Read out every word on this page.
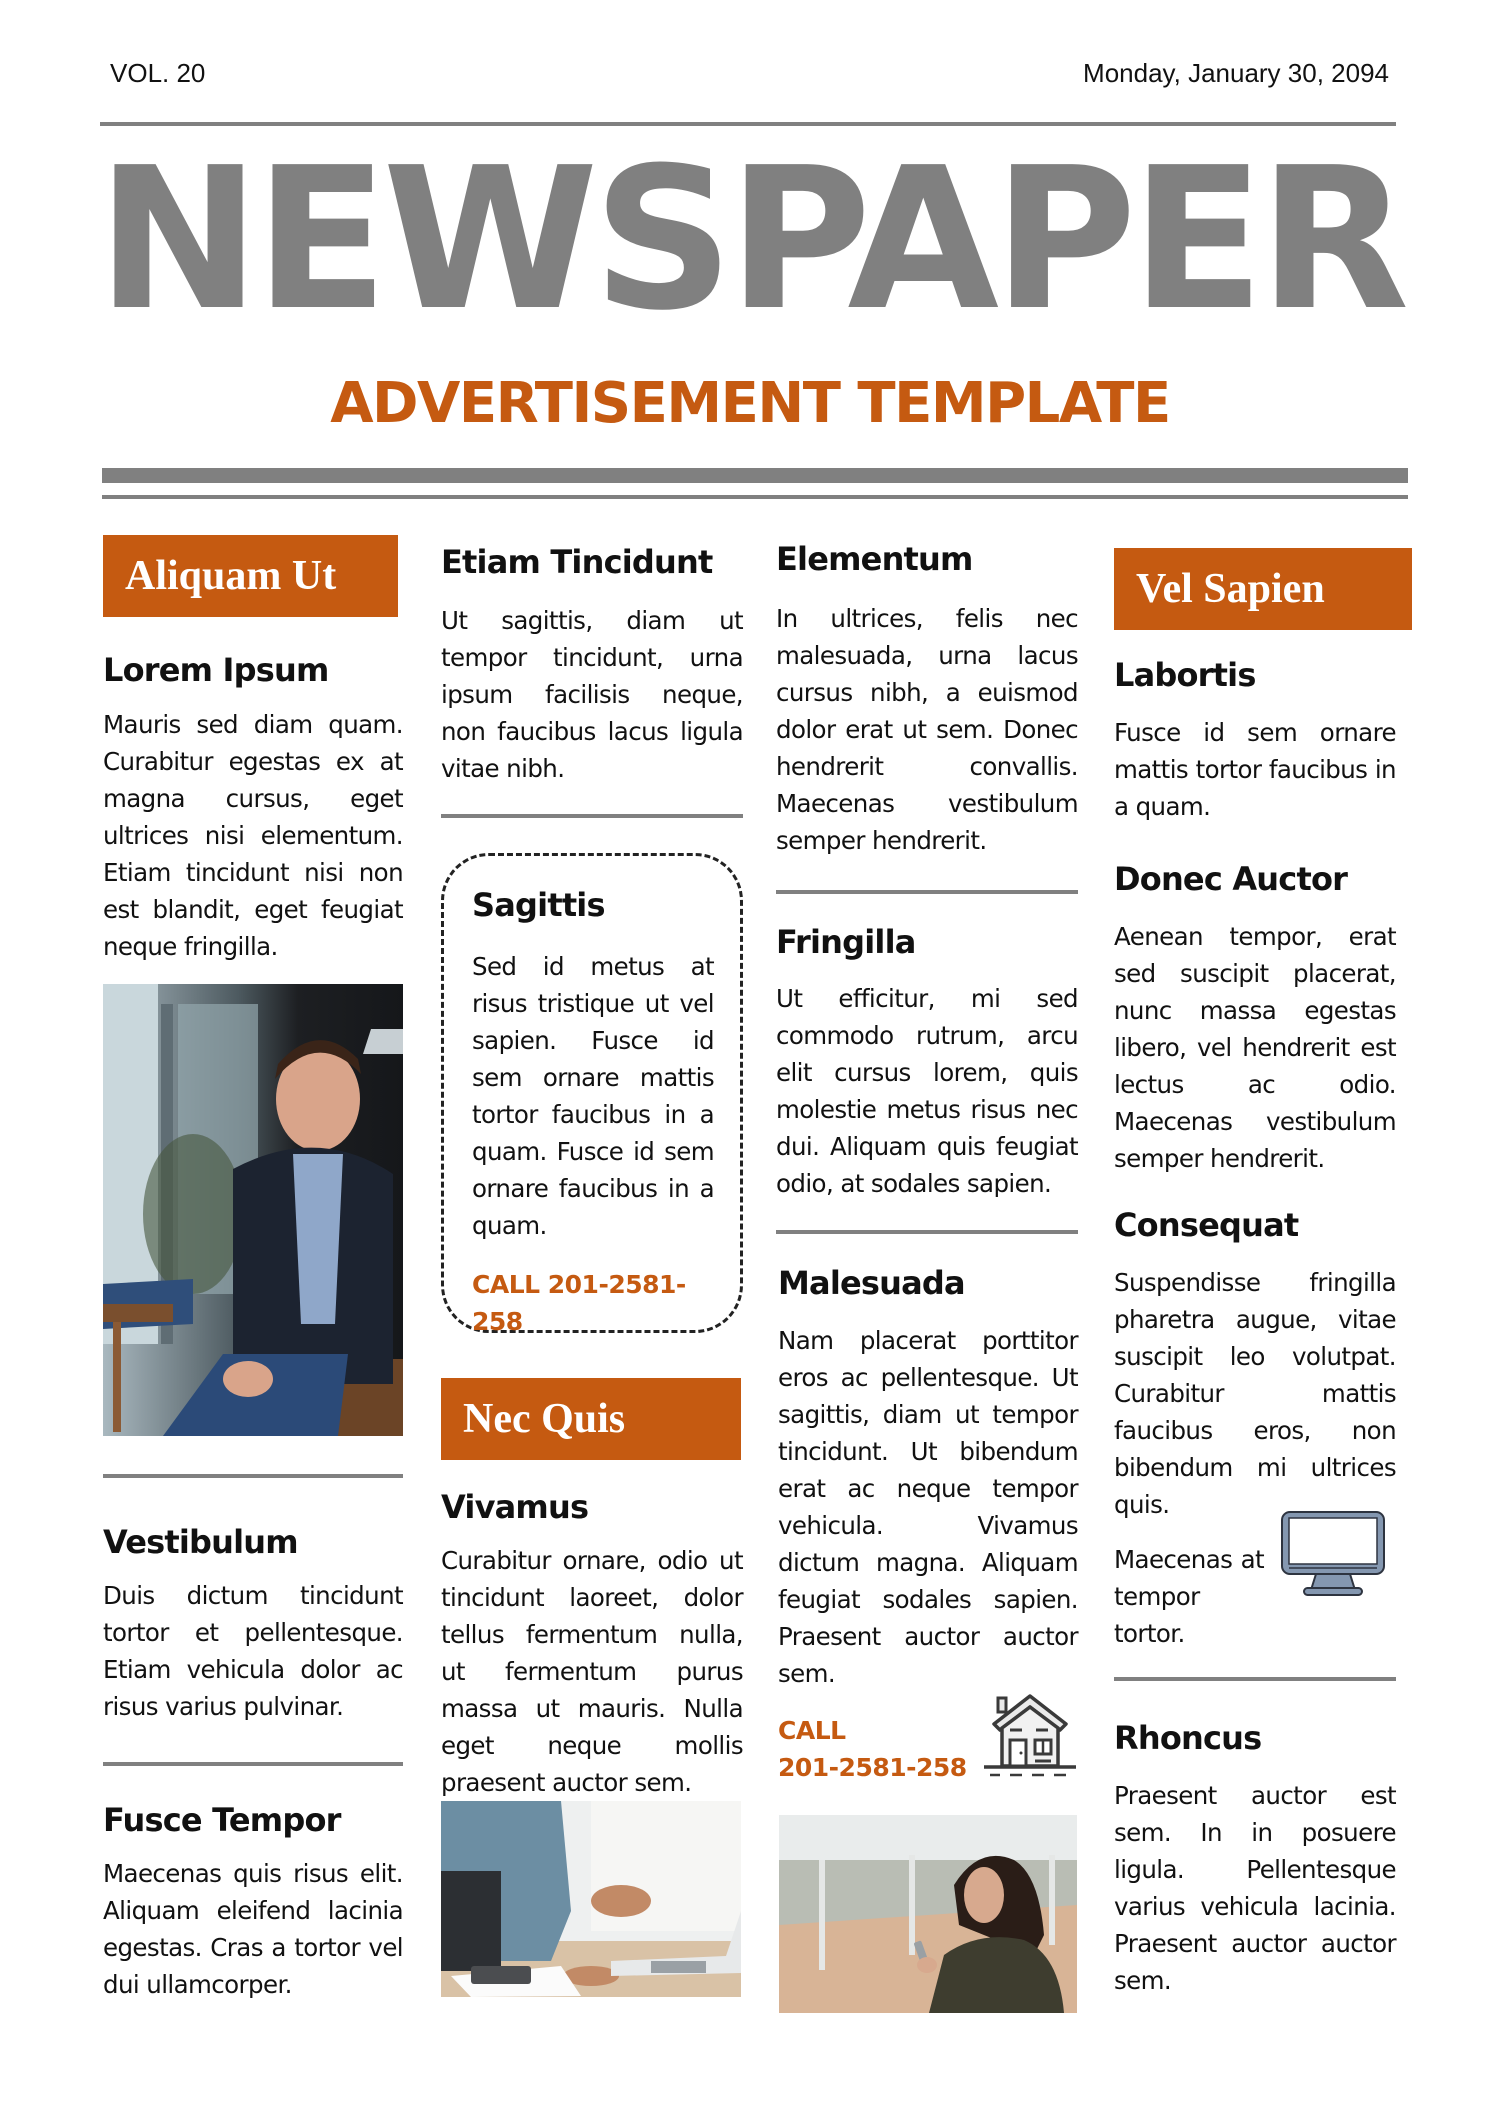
VOL. 20	Monday, January 30, 2094
NEWSPAPER
ADVERTISEMENT TEMPLATE
Aliquam Ut
Lorem Ipsum
Mauris sed diam quam. Curabitur egestas ex at magna cursus, eget ultrices nisi elementum. Etiam tincidunt nisi non est blandit, eget feugiat neque fringilla.
Vestibulum
Duis dictum tincidunt tortor et pellentesque. Etiam vehicula dolor ac risus varius pulvinar.
Fusce Tempor
Maecenas quis risus elit. Aliquam eleifend lacinia egestas. Cras a tortor vel dui ullamcorper.
Etiam Tincidunt
Ut sagittis, diam ut tempor tincidunt, urna ipsum facilisis neque, non faucibus lacus ligula vitae nibh.
Sagittis
Sed id metus at risus tristique ut vel sapien. Fusce id sem ornare mattis tortor faucibus in a quam. Fusce id sem ornare faucibus in a quam.
CALL 201-2581-258
Nec Quis
Vivamus
Curabitur ornare, odio ut tincidunt laoreet, dolor tellus fermentum nulla, ut fermentum purus massa ut mauris. Nulla eget neque mollis praesent auctor sem.
Elementum
In ultrices, felis nec malesuada, urna lacus cursus nibh, a euismod dolor erat ut sem. Donec hendrerit convallis. Maecenas vestibulum semper hendrerit.
Fringilla
Ut efficitur, mi sed commodo rutrum, arcu elit cursus lorem, quis molestie metus risus nec dui. Aliquam quis feugiat odio, at sodales sapien.
Malesuada
Nam placerat porttitor eros ac pellentesque. Ut sagittis, diam ut tempor tincidunt. Ut bibendum erat ac neque tempor vehicula. Vivamus dictum magna. Aliquam feugiat sodales sapien. Praesent auctor auctor sem.
CALL
201-2581-258
Vel Sapien
Labortis
Fusce id sem ornare mattis tortor faucibus in a quam.
Donec Auctor
Aenean tempor, erat sed suscipit placerat, nunc massa egestas libero, vel hendrerit est lectus ac odio. Maecenas vestibulum semper hendrerit.
Consequat
Suspendisse fringilla pharetra augue, vitae suscipit leo volutpat. Curabitur mattis faucibus eros, non bibendum mi ultrices quis.
Maecenas at tempor tortor.
Rhoncus
Praesent auctor est sem. In in posuere ligula. Pellentesque varius vehicula lacinia. Praesent auctor auctor sem.
